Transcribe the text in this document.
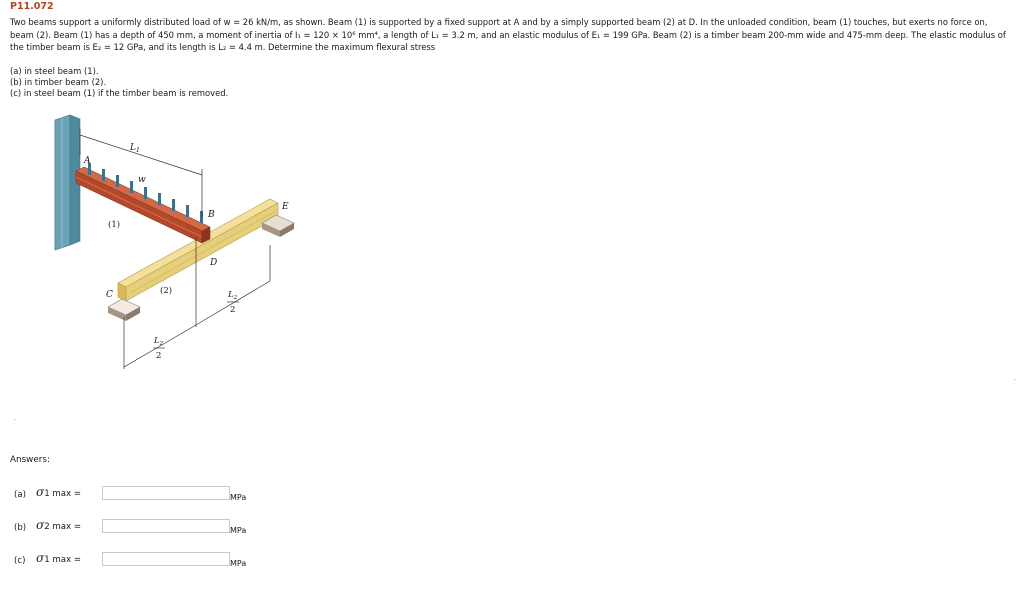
P11.072

Two beams support a uniformly distributed load of w = 26 kN/m, as shown. Beam (1) is supported by a fixed support at A and by a simply supported beam (2) at D. In the unloaded condition, beam (1) touches, but exerts no force on, beam (2). Beam (1) has a depth of 450 mm, a moment of inertia of I₁ = 120 × 10⁶ mm⁴, a length of L₁ = 3.2 m, and an elastic modulus of E₁ = 199 GPa. Beam (2) is a timber beam 200-mm wide and 475-mm deep. The elastic modulus of the timber beam is E₂ = 12 GPa, and its length is L₂ = 4.4 m. Determine the maximum flexural stress

(a) in steel beam (1).
(b) in timber beam (2).
(c) in steel beam (1) if the timber beam is removed.
$L_1$
w
A
B
C
D
E
(1)
(2)	$L_2$
2
$L_2$
2
·
·
Answers:
(a) σ1 max =	MPa
(b) σ2 max =	MPa
(c) σ1 max =	MPa
